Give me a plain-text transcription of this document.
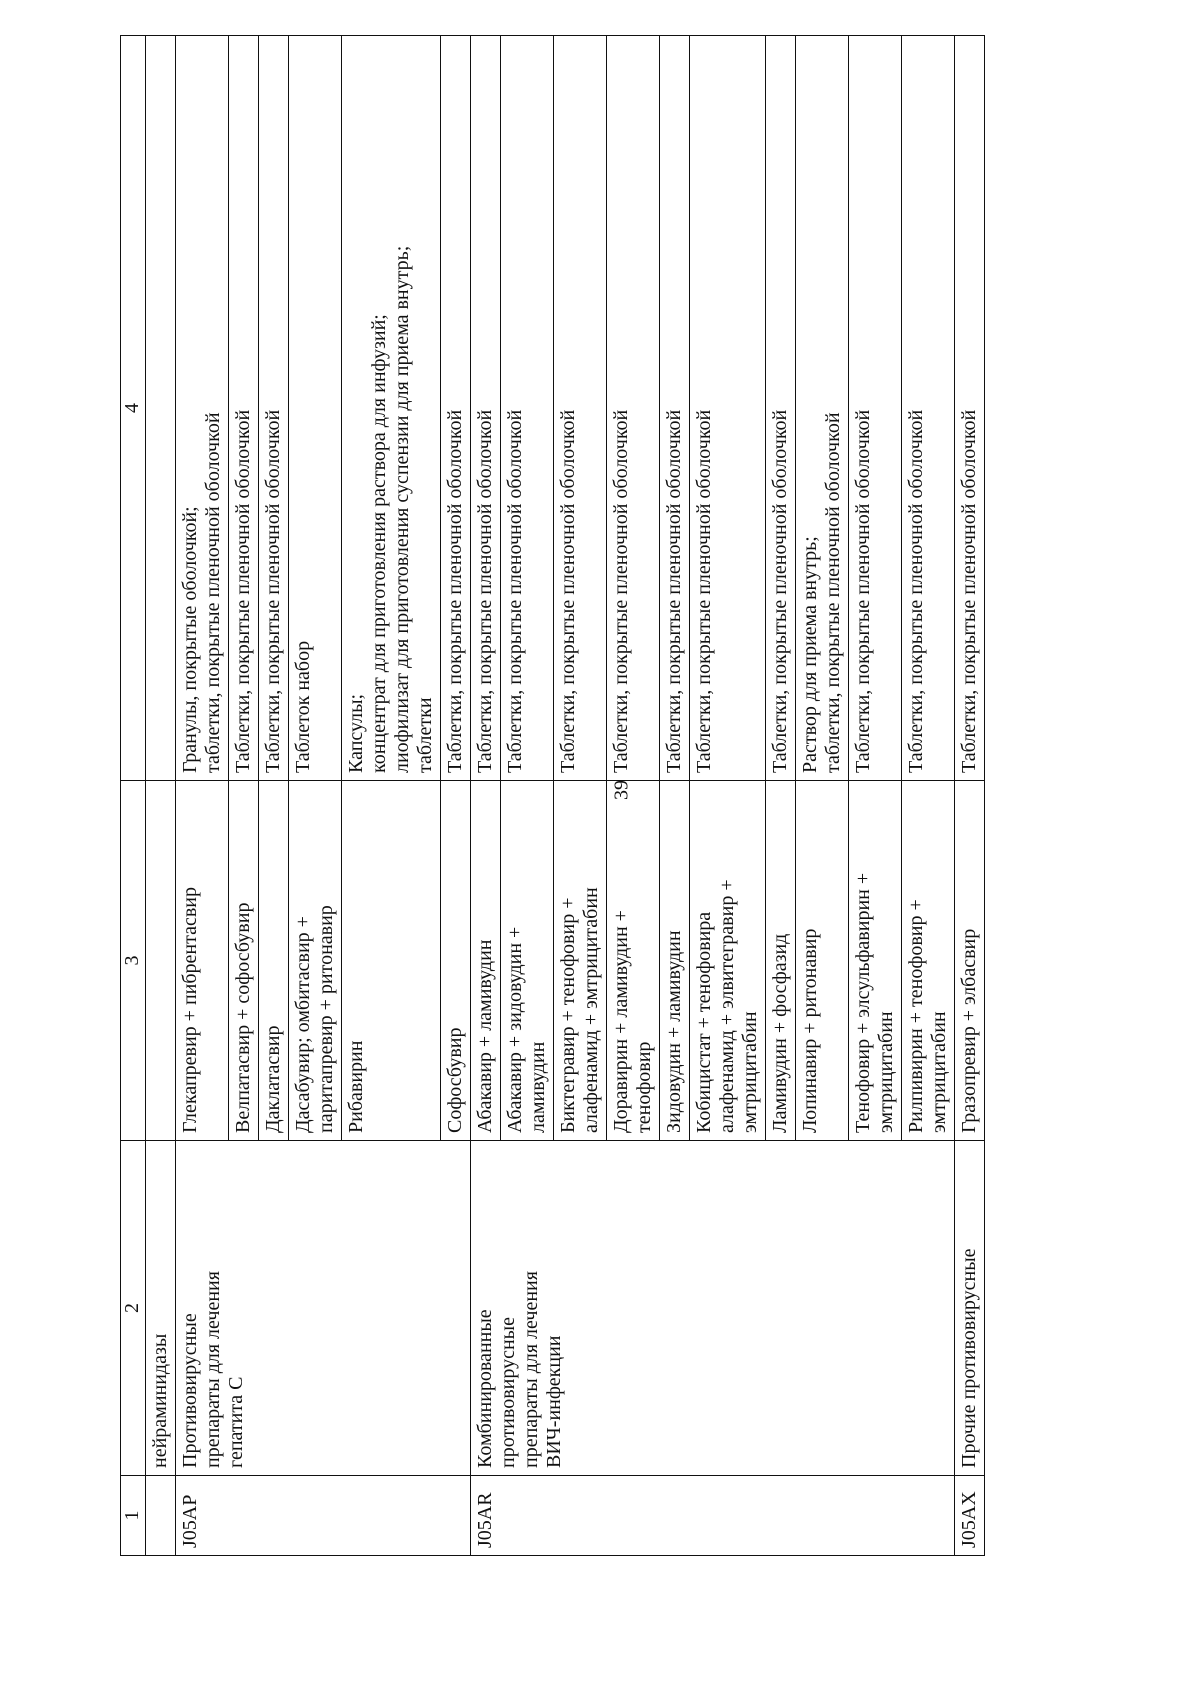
39
1	2	3	4
	нейраминидазы		
J05AP	Противовирусные препараты для лечения гепатита С	Глекапревир + пибрентасвир	Гранулы, покрытые оболочкой; таблетки, покрытые пленочной оболочкой

		Велпатасвир + софосбувир	Таблетки, покрытые пленочной оболочкой

		Даклатасвир	Таблетки, покрытые пленочной оболочкой

		Дасабувир; омбитасвир + паритапревир + ритонавир	Таблеток набор

		Рибавирин	Капсулы; концентрат для приготовления раствора для инфузий; лиофилизат для приготовления суспензии для приема внутрь; таблетки

		Софосбувир	Таблетки, покрытые пленочной оболочкой

J05AR	Комбинированные противовирусные препараты для лечения ВИЧ-инфекции	Абакавир + ламивудин	Таблетки, покрытые пленочной оболочкой

		Абакавир + зидовудин + ламивудин	Таблетки, покрытые пленочной оболочкой

		Биктегравир + тенофовир + алафенамид + эмтрицитабин	Таблетки, покрытые пленочной оболочкой

		Доравирин + ламивудин + тенофовир	Таблетки, покрытые пленочной оболочкой

		Зидовудин + ламивудин	Таблетки, покрытые пленочной оболочкой

		Кобицистат + тенофовира алафенамид + элвитегравир + эмтрицитабин	Таблетки, покрытые пленочной оболочкой

		Ламивудин + фосфазид	Таблетки, покрытые пленочной оболочкой

		Лопинавир + ритонавир	Раствор для приема внутрь; таблетки, покрытые пленочной оболочкой

		Тенофовир + элсульфавирин + эмтрицитабин	Таблетки, покрытые пленочной оболочкой

		Рилпивирин + тенофовир + эмтрицитабин	Таблетки, покрытые пленочной оболочкой

J05AX	Прочие противовирусные	Гразопревир + элбасвир	Таблетки, покрытые пленочной оболочкой
